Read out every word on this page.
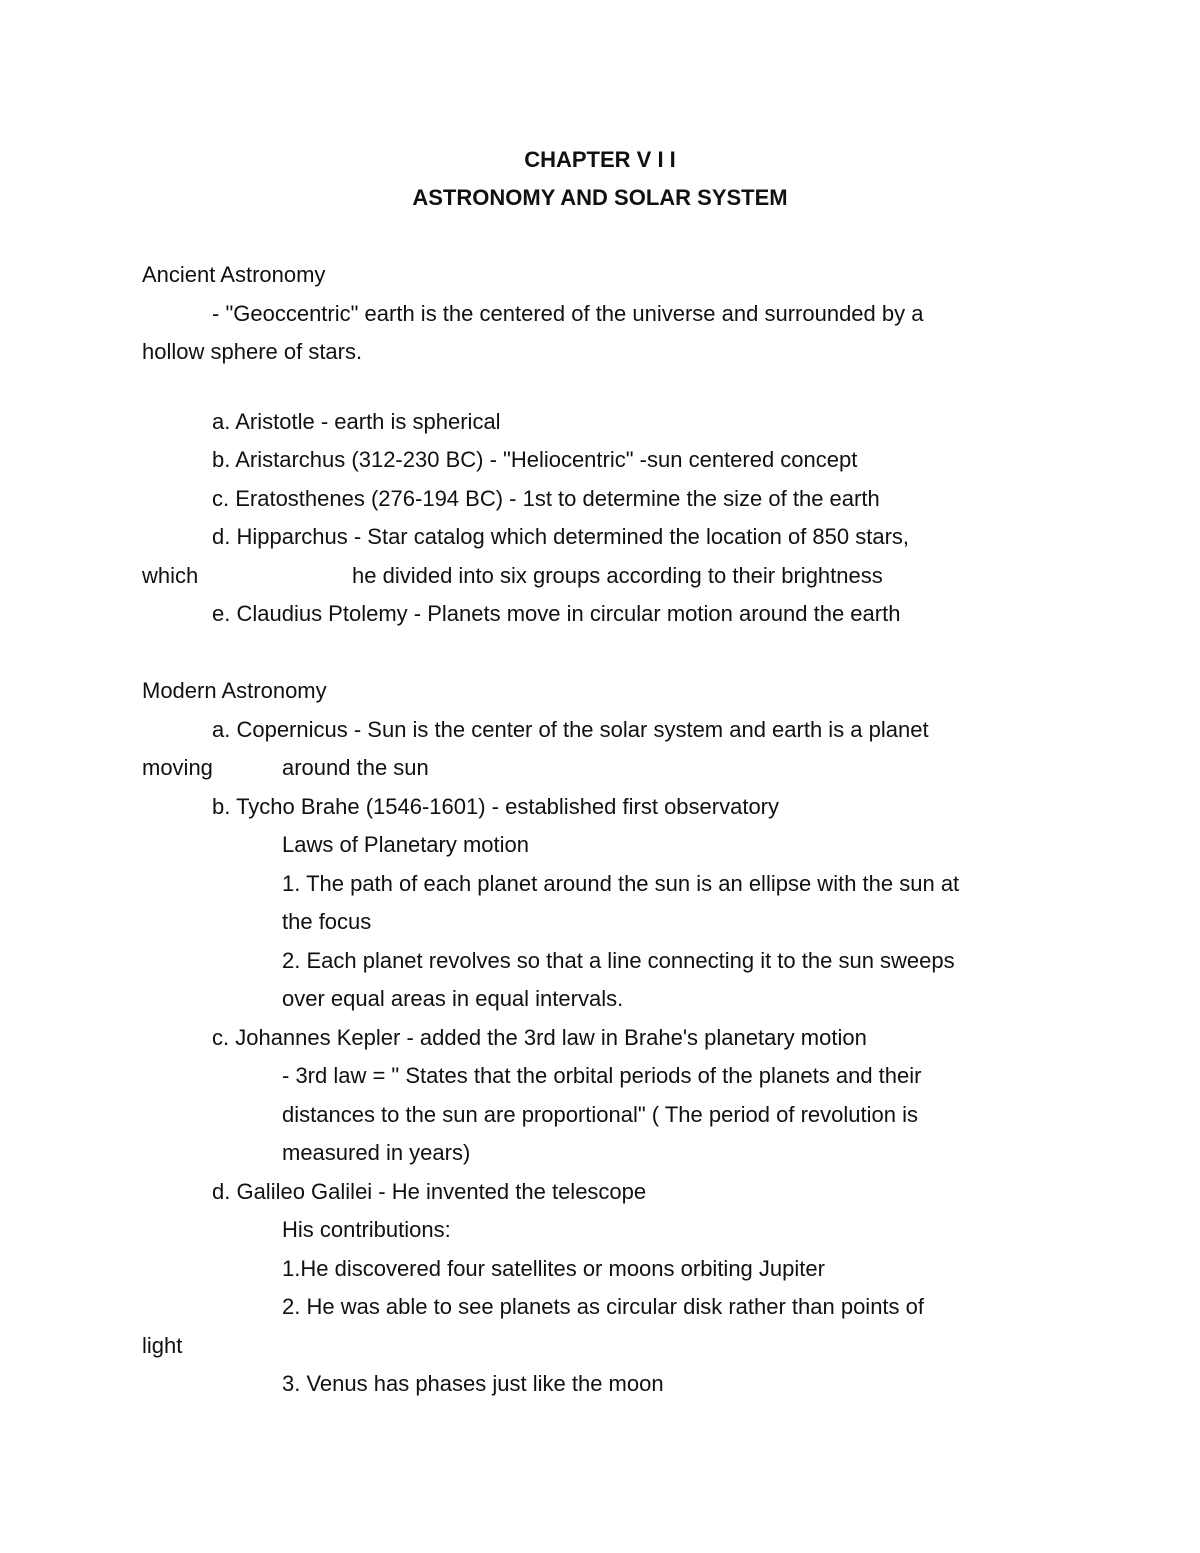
CHAPTER V I I
ASTRONOMY AND SOLAR SYSTEM
Ancient Astronomy
- "Geoccentric" earth is the centered of the universe and surrounded by a
hollow sphere of stars.
a. Aristotle - earth is spherical
b. Aristarchus (312-230 BC) - "Heliocentric" -sun centered concept
c. Eratosthenes (276-194 BC) - 1st to determine the size of the earth
d. Hipparchus - Star catalog which determined the location of 850 stars,
which	he divided into six groups according to their brightness
e. Claudius Ptolemy - Planets move in circular motion around the earth
Modern Astronomy
a. Copernicus - Sun is the center of the solar system and earth is a planet
moving	around the sun
b. Tycho Brahe (1546-1601) - established first observatory
Laws of Planetary motion
1. The path of each planet around the sun is an ellipse with the sun at
the focus
2. Each planet revolves so that a line connecting it to the sun sweeps
over equal areas in equal intervals.
c. Johannes Kepler - added the 3rd law in Brahe's planetary motion
- 3rd law = " States that the orbital periods of the planets and their
distances to the sun are proportional" ( The period of revolution is
measured in years)
d. Galileo Galilei - He invented the telescope
His contributions:
1.He discovered four satellites or moons orbiting Jupiter
2. He was able to see planets as circular disk rather than points of
light
3. Venus has phases just like the moon
